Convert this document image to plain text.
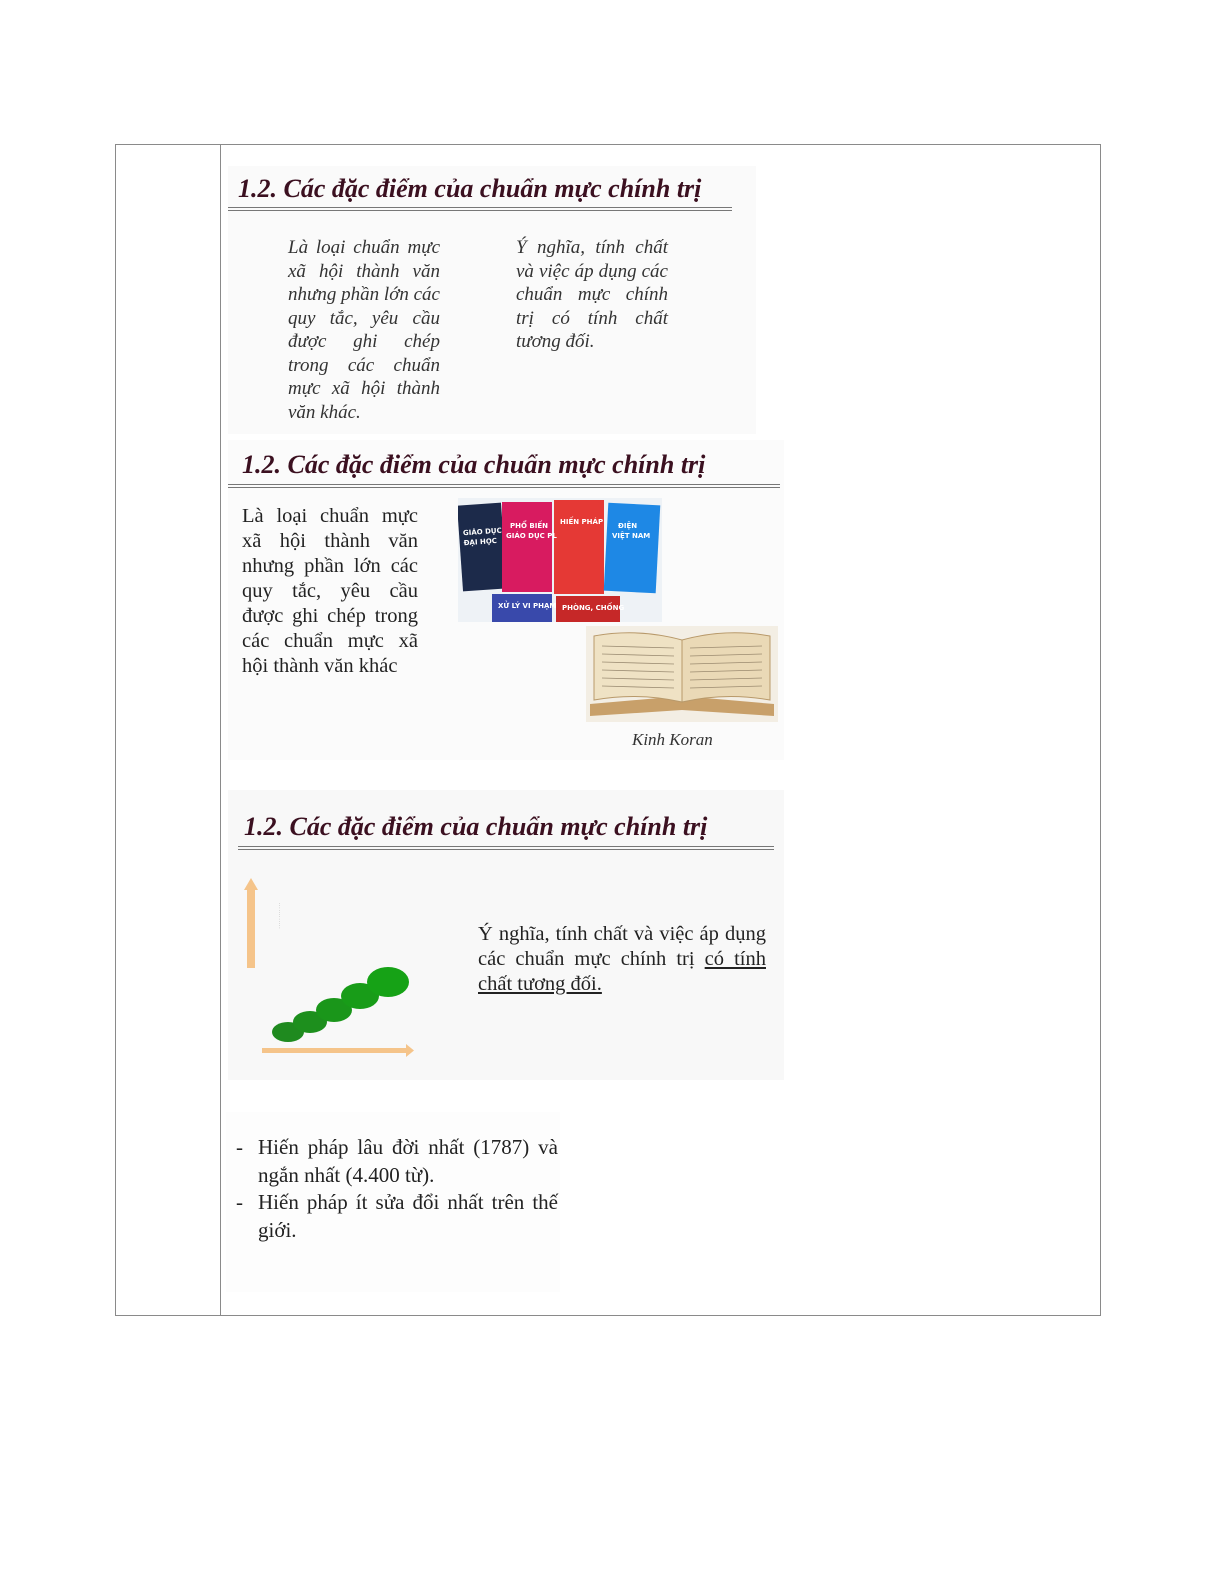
1.2. Các đặc điểm của chuẩn mực chính trị
Là loại chuẩn mực xã hội thành văn nhưng phần lớn các quy tắc, yêu cầu được ghi chép trong các chuẩn mực xã hội thành văn khác.
Ý nghĩa, tính chất và việc áp dụng các chuẩn mực chính trị có tính chất tương đối.
1.2. Các đặc điểm của chuẩn mực chính trị
Là loại chuẩn mực xã hội thành văn nhưng phần lớn các quy tắc, yêu cầu được ghi chép trong các chuẩn mực xã hội thành văn khác
GIÁO DỤC
ĐẠI HỌC
PHỔ BIẾN
GIÁO DỤC PL
HIẾN PHÁP ĐIỆN
VIỆT NAM
XỬ LÝ VI PHẠM PHÒNG, CHỐNG
Kinh Koran
1.2. Các đặc điểm của chuẩn mực chính trị
· · · · · · · · · · · ·
Ý nghĩa, tính chất và việc áp dụng các chuẩn mực chính trị có tính chất tương đối.
- Hiến pháp lâu đời nhất (1787) và ngắn nhất (4.400 từ).
- Hiến pháp ít sửa đổi nhất trên thế giới.
